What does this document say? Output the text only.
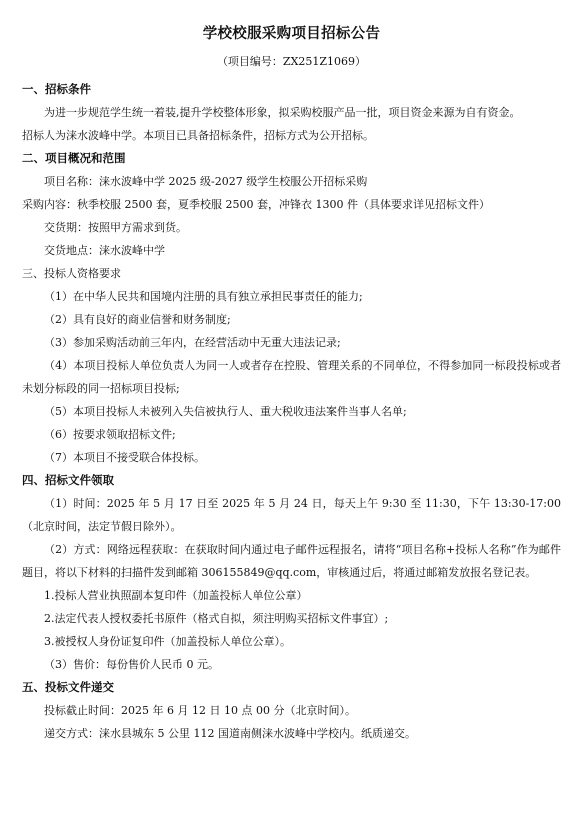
学校校服采购项目招标公告
（项目编号：ZX251Z1069）
一、招标条件
为进一步规范学生统一着装,提升学校整体形象，拟采购校服产品一批，项目资金来源为自有资金。
招标人为涞水波峰中学。本项目已具备招标条件，招标方式为公开招标。
二、项目概况和范围
项目名称：涞水波峰中学 2025 级-2027 级学生校服公开招标采购
采购内容：秋季校服 2500 套，夏季校服 2500 套，冲锋衣 1300 件（具体要求详见招标文件）
交货期：按照甲方需求到货。
交货地点：涞水波峰中学
三、投标人资格要求
（1）在中华人民共和国境内注册的具有独立承担民事责任的能力;
（2）具有良好的商业信誉和财务制度;
（3）参加采购活动前三年内，在经营活动中无重大违法记录;
（4）本项目投标人单位负责人为同一人或者存在控股、管理关系的不同单位，不得参加同一标段投标或者未划分标段的同一招标项目投标;
（5）本项目投标人未被列入失信被执行人、重大税收违法案件当事人名单;
（6）按要求领取招标文件;
（7）本项目不接受联合体投标。
四、招标文件领取
（1）时间：2025 年 5 月 17 日至 2025 年 5 月 24 日，每天上午 9:30 至 11:30，下午 13:30-17:00（北京时间，法定节假日除外）。
（2）方式：网络远程获取：在获取时间内通过电子邮件远程报名，请将“项目名称+投标人名称”作为邮件题目，将以下材料的扫描件发到邮箱 306155849@qq.com，审核通过后，将通过邮箱发放报名登记表。
1.投标人营业执照副本复印件（加盖投标人单位公章）
2.法定代表人授权委托书原件（格式自拟，须注明购买招标文件事宜）;
3.被授权人身份证复印件（加盖投标人单位公章）。
（3）售价：每份售价人民币 0 元。
五、投标文件递交
投标截止时间：2025 年 6 月 12 日 10 点 00 分（北京时间）。
递交方式：涞水县城东 5 公里 112 国道南侧涞水波峰中学校内。纸质递交。
